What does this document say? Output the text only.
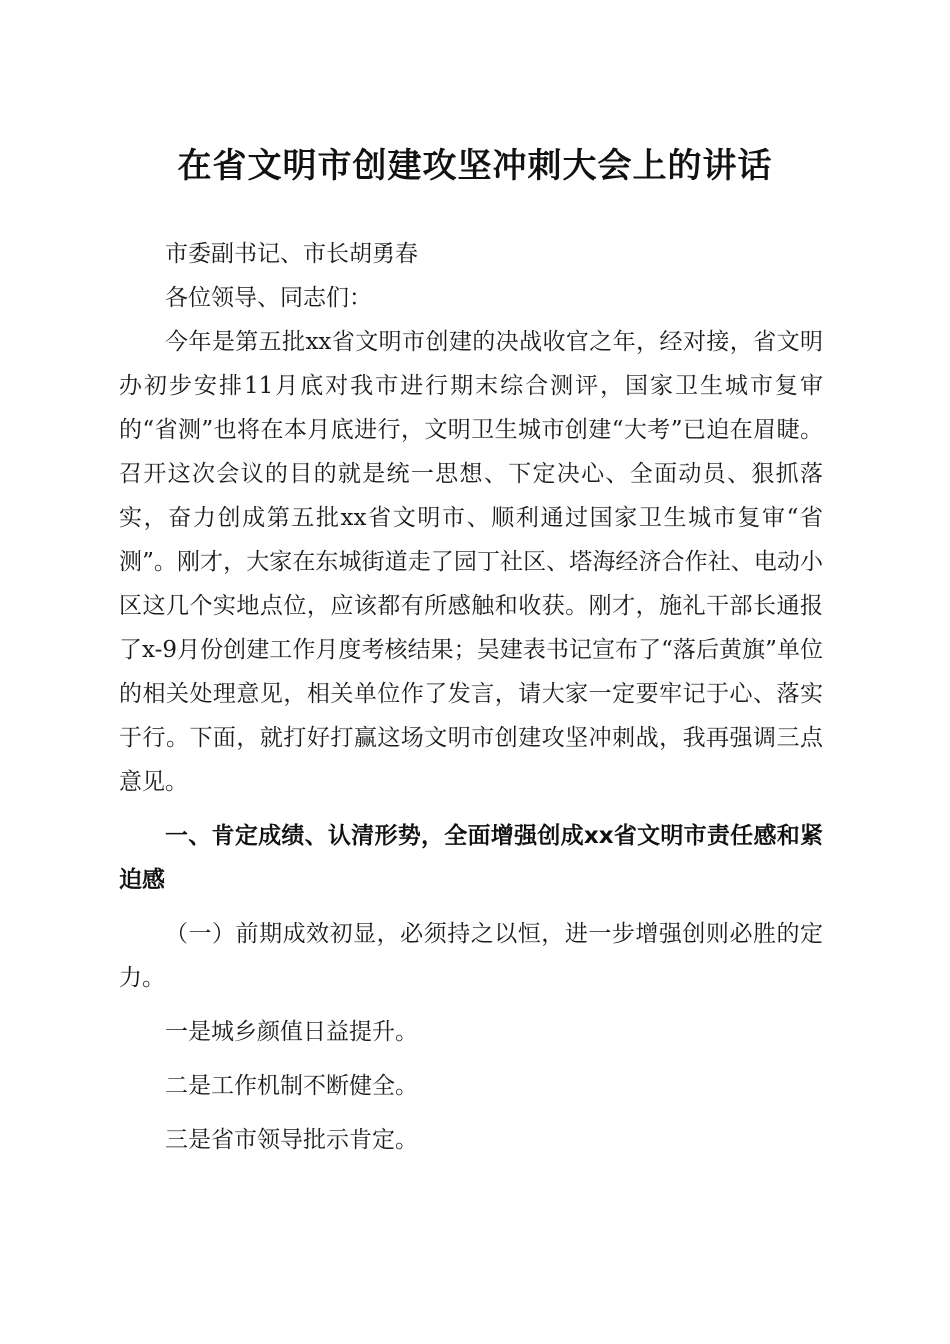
在省文明市创建攻坚冲刺大会上的讲话

市委副书记、市长胡勇春

各位领导、同志们：

今年是第五批xx省文明市创建的决战收官之年，经对接，省文明办初步安排11月底对我市进行期末综合测评，国家卫生城市复审的“省测”也将在本月底进行，文明卫生城市创建“大考”已迫在眉睫。召开这次会议的目的就是统一思想、下定决心、全面动员、狠抓落实，奋力创成第五批xx省文明市、顺利通过国家卫生城市复审“省测”。刚才，大家在东城街道走了园丁社区、塔海经济合作社、电动小区这几个实地点位，应该都有所感触和收获。刚才，施礼干部长通报了x-9月份创建工作月度考核结果；吴建表书记宣布了“落后黄旗”单位的相关处理意见，相关单位作了发言，请大家一定要牢记于心、落实于行。下面，就打好打赢这场文明市创建攻坚冲刺战，我再强调三点意见。

一、肯定成绩、认清形势，全面增强创成xx省文明市责任感和紧迫感

（一）前期成效初显，必须持之以恒，进一步增强创则必胜的定力。

一是城乡颜值日益提升。

二是工作机制不断健全。

三是省市领导批示肯定。
